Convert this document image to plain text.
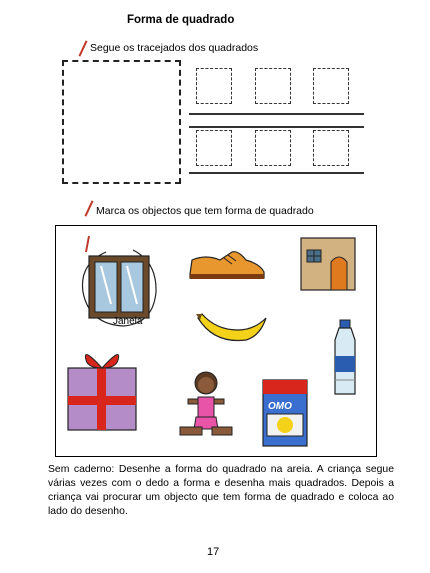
Forma de quadrado
Segue os tracejados dos quadrados
Marca os objectos que tem forma de quadrado
Janela
OMO
Sem caderno: Desenhe a forma do quadrado na areia. A criança segue várias vezes com o dedo a forma e desenha mais quadrados. Depois a criança vai procurar um objecto que tem forma de quadrado e coloca ao lado do desenho.
17
